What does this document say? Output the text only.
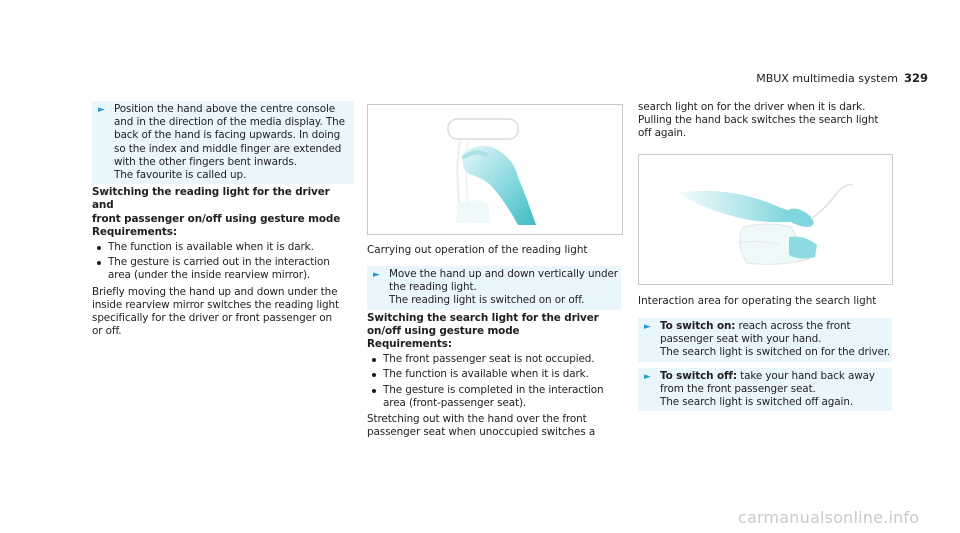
MBUX multimedia system 329
► Position the hand above the centre console
and in the direction of the media display. The
back of the hand is facing upwards. In doing
so the index and middle finger are extended
with the other fingers bent inwards.
The favourite is called up.

Switching the reading light for the driver and
front passenger on/off using gesture mode
Requirements:

The function is available when it is dark.
The gesture is carried out in the interaction
area (under the inside rearview mirror).

Briefly moving the hand up and down under the
inside rearview mirror switches the reading light
specifically for the driver or front passenger on
or off.

Carrying out operation of the reading light
► Move the hand up and down vertically under
the reading light.
The reading light is switched on or off.

Switching the search light for the driver
on/off using gesture mode
Requirements:

The front passenger seat is not occupied.
The function is available when it is dark.
The gesture is completed in the interaction
area (front-passenger seat).

Stretching out with the hand over the front
passenger seat when unoccupied switches a

search light on for the driver when it is dark.
Pulling the hand back switches the search light
off again.

Interaction area for operating the search light
► To switch on: reach across the front
passenger seat with your hand.
The search light is switched on for the driver.

► To switch off: take your hand back away
from the front passenger seat.
The search light is switched off again.

carmanualsonline.info
